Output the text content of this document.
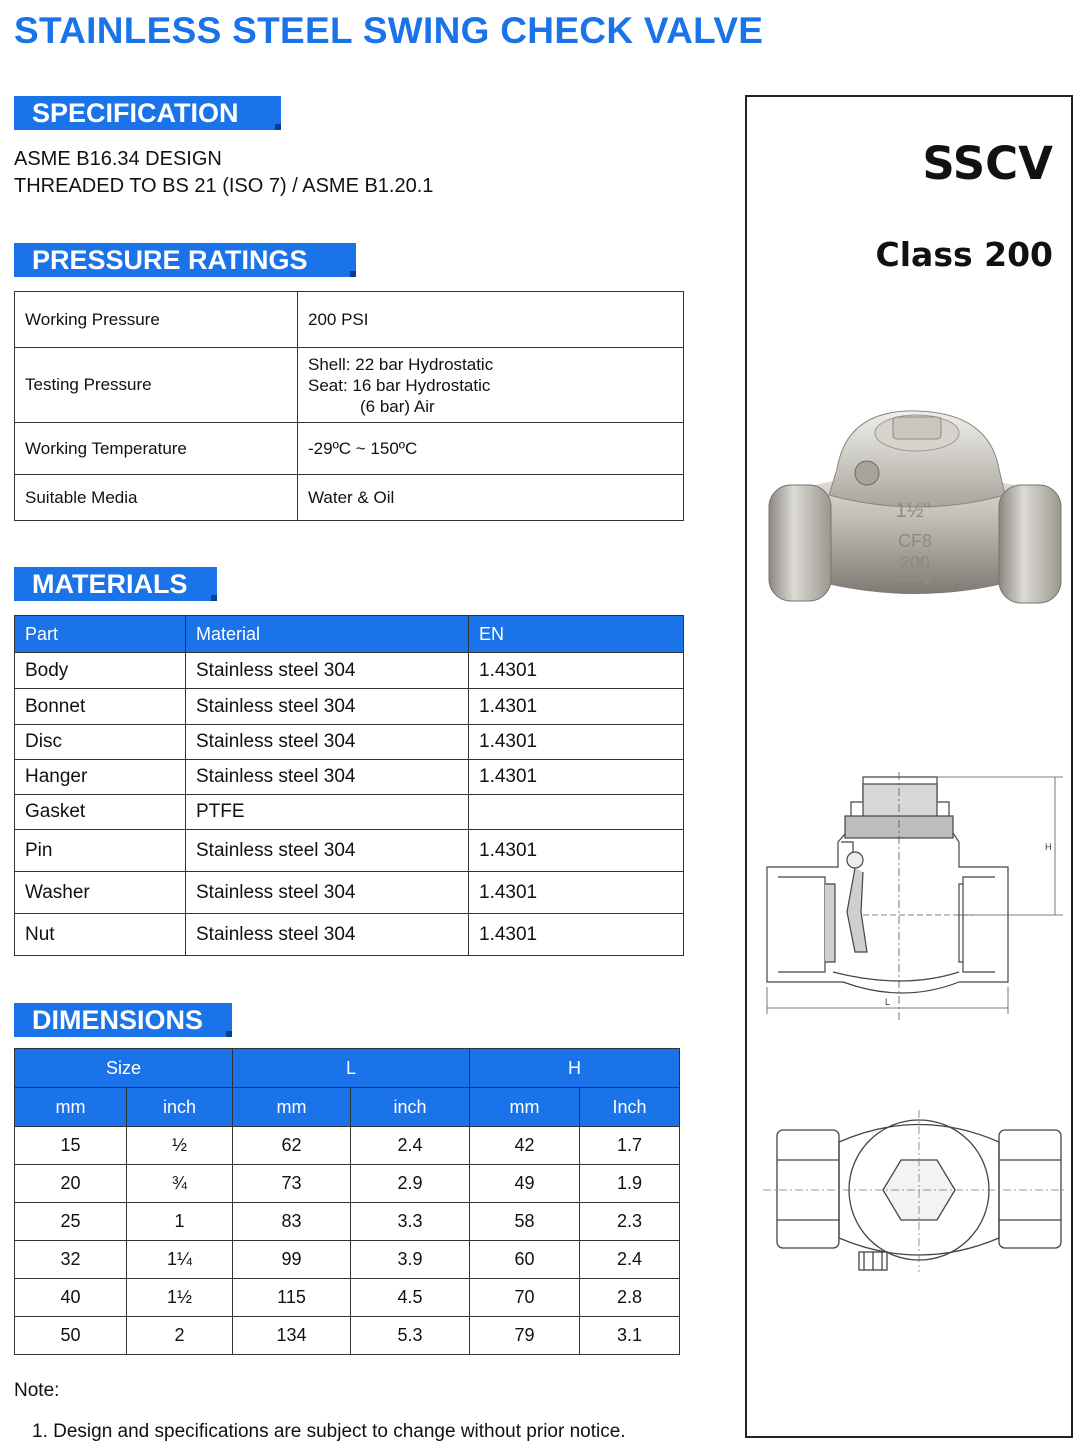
STAINLESS STEEL SWING CHECK VALVE
SPECIFICATION
ASME B16.34 DESIGN
THREADED TO BS 21 (ISO 7) / ASME B1.20.1
PRESSURE RATINGS
Working Pressure	200 PSI
Testing Pressure	Shell: 22 bar Hydrostatic
Seat: 16 bar Hydrostatic
(6 bar) Air

Working Temperature	-29ºC ~ 150ºC
Suitable Media	Water & Oil
MATERIALS
Part	Material	EN
Body	Stainless steel 304	1.4301
Bonnet	Stainless steel 304	1.4301
Disc	Stainless steel 304	1.4301
Hanger	Stainless steel 304	1.4301
Gasket	PTFE	
Pin	Stainless steel 304	1.4301
Washer	Stainless steel 304	1.4301
Nut	Stainless steel 304	1.4301
DIMENSIONS
Size		L		H	
mm	inch	mm	inch	mm	Inch
15	½	62	2.4	42	1.7
20	¾	73	2.9	49	1.9
25	1	83	3.3	58	2.3
32	1¼	99	3.9	60	2.4
40	1½	115	4.5	70	2.8
50	2	134	5.3	79	3.1
Note:
1. Design and specifications are subject to change without prior notice.
SSCV
Class 200
1½"
CF8
200
H
L
